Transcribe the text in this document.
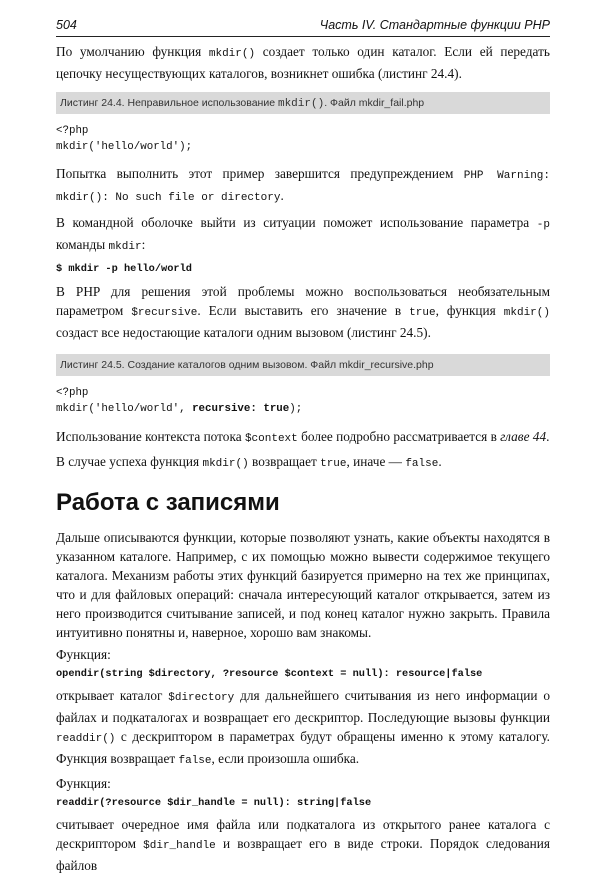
504	Часть IV. Стандартные функции PHP

По умолчанию функция mkdir() создает только один каталог. Если ей передать цепочку несуществующих каталогов, возникнет ошибка (листинг 24.4).

Листинг 24.4. Неправильное использование mkdir(). Файл mkdir_fail.php
<?php
mkdir('hello/world');

Попытка выполнить этот пример завершится предупреждением PHP Warning: mkdir(): No such file or directory.

В командной оболочке выйти из ситуации поможет использование параметра -p команды mkdir:

$ mkdir -p hello/world

В PHP для решения этой проблемы можно воспользоваться необязательным параметром $recursive. Если выставить его значение в true, функция mkdir() создаст все недостающие каталоги одним вызовом (листинг 24.5).

Листинг 24.5. Создание каталогов одним вызовом. Файл mkdir_recursive.php
<?php
mkdir('hello/world', recursive: true);

Использование контекста потока $context более подробно рассматривается в главе 44.

В случае успеха функция mkdir() возвращает true, иначе — false.

Работа с записями

Дальше описываются функции, которые позволяют узнать, какие объекты находятся в указанном каталоге. Например, с их помощью можно вывести содержимое текущего каталога. Механизм работы этих функций базируется примерно на тех же принципах, что и для файловых операций: сначала интересующий каталог открывается, затем из него производится считывание записей, и под конец каталог нужно закрыть. Правила интуитивно понятны и, наверное, хорошо вам знакомы.

Функция:

opendir(string $directory, ?resource $context = null): resource|false

открывает каталог $directory для дальнейшего считывания из него информации о файлах и подкаталогах и возвращает его дескриптор. Последующие вызовы функции readdir() с дескриптором в параметрах будут обращены именно к этому каталогу. Функция возвращает false, если произошла ошибка.

Функция:

readdir(?resource $dir_handle = null): string|false

считывает очередное имя файла или подкаталога из открытого ранее каталога с дескриптором $dir_handle и возвращает его в виде строки. Порядок следования файлов
